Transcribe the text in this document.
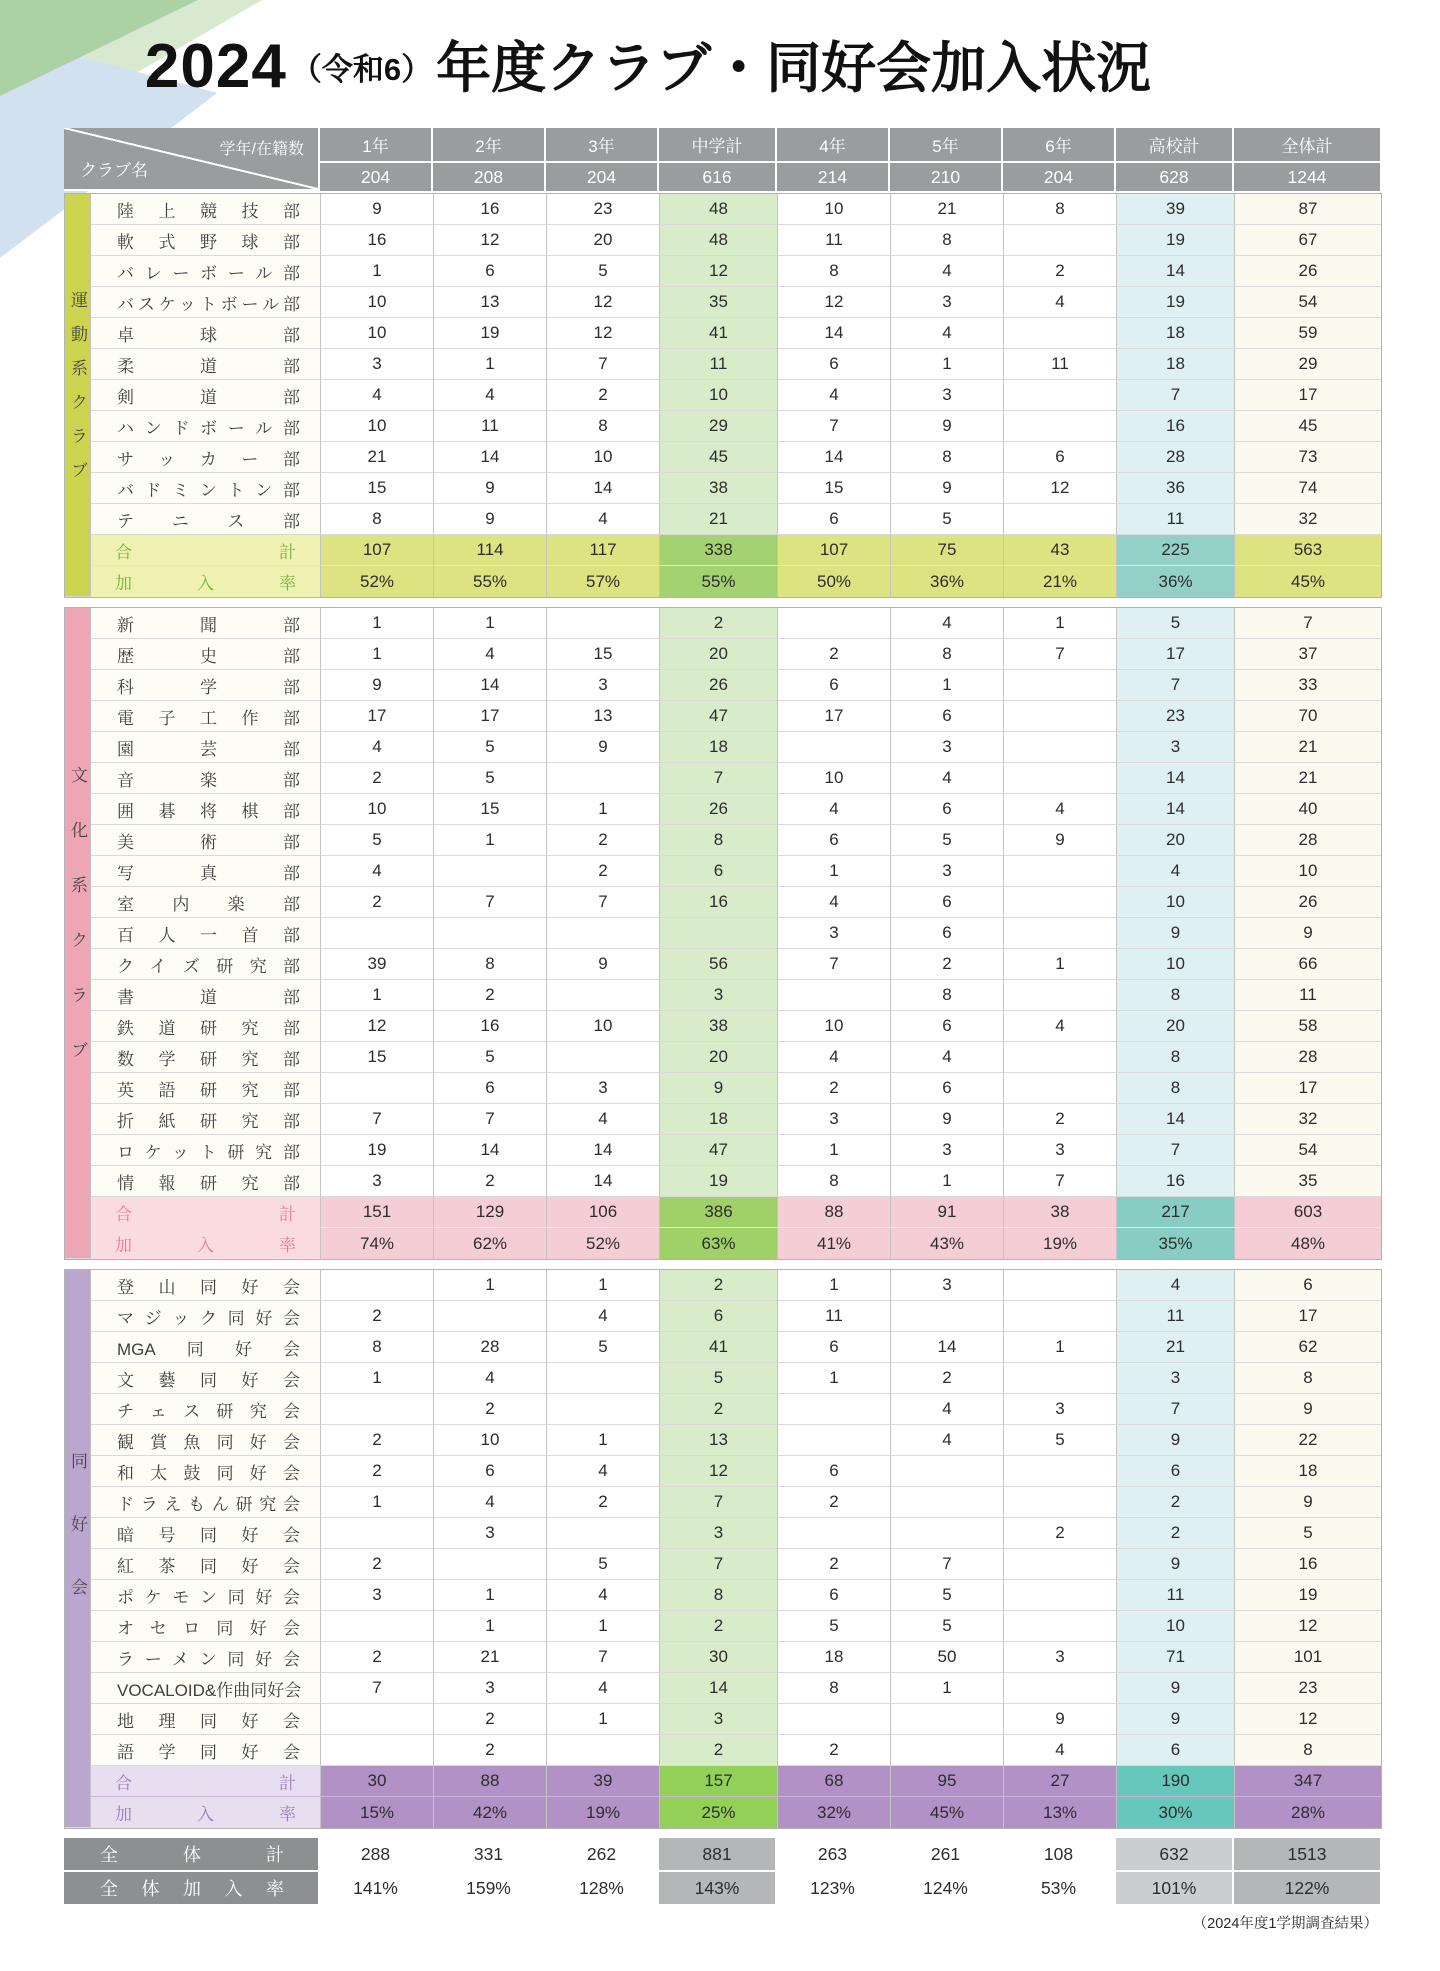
2024 （令和6）年度クラブ・同好会加入状況
学年/在籍数
クラブ名	1年	2年	3年	中学計	4年	5年	6年	高校計	全体計
	204	208	204	616	214	210	204	628	1244
運動系クラブ	陸上競技部	9	16	23	48	10	21	8	39	87
	軟式野球部	16	12	20	48	11	8		19	67
	バレーボール部	1	6	5	12	8	4	2	14	26
	バスケットボール部	10	13	12	35	12	3	4	19	54
	卓球部	10	19	12	41	14	4		18	59
	柔道部	3	1	7	11	6	1	11	18	29
	剣道部	4	4	2	10	4	3		7	17
	ハンドボール部	10	11	8	29	7	9		16	45
	サッカー部	21	14	10	45	14	8	6	28	73
	バドミントン部	15	9	14	38	15	9	12	36	74
	テニス部	8	9	4	21	6	5		11	32
	合計	107	114	117	338	107	75	43	225	563
	加入率	52%	55%	57%	55%	50%	36%	21%	36%	45%
文化系クラブ	新聞部	1	1		2		4	1	5	7
	歴史部	1	4	15	20	2	8	7	17	37
	科学部	9	14	3	26	6	1		7	33
	電子工作部	17	17	13	47	17	6		23	70
	園芸部	4	5	9	18		3		3	21
	音楽部	2	5		7	10	4		14	21
	囲碁将棋部	10	15	1	26	4	6	4	14	40
	美術部	5	1	2	8	6	5	9	20	28
	写真部	4		2	6	1	3		4	10
	室内楽部	2	7	7	16	4	6		10	26
	百人一首部					3	6		9	9
	クイズ研究部	39	8	9	56	7	2	1	10	66
	書道部	1	2		3		8		8	11
	鉄道研究部	12	16	10	38	10	6	4	20	58
	数学研究部	15	5		20	4	4		8	28
	英語研究部		6	3	9	2	6		8	17
	折紙研究部	7	7	4	18	3	9	2	14	32
	ロケット研究部	19	14	14	47	1	3	3	7	54
	情報研究部	3	2	14	19	8	1	7	16	35
	合計	151	129	106	386	88	91	38	217	603
	加入率	74%	62%	52%	63%	41%	43%	19%	35%	48%
同好会	登山同好会		1	1	2	1	3		4	6
	マジック同好会	2		4	6	11			11	17
	MGA同好会	8	28	5	41	6	14	1	21	62
	文藝同好会	1	4		5	1	2		3	8
	チェス研究会		2		2		4	3	7	9
	観賞魚同好会	2	10	1	13		4	5	9	22
	和太鼓同好会	2	6	4	12	6			6	18
	ドラえもん研究会	1	4	2	7	2			2	9
	暗号同好会		3		3			2	2	5
	紅茶同好会	2		5	7	2	7		9	16
	ポケモン同好会	3	1	4	8	6	5		11	19
	オセロ同好会		1	1	2	5	5		10	12
	ラーメン同好会	2	21	7	30	18	50	3	71	101
	VOCALOID&作曲同好会	7	3	4	14	8	1		9	23
	地理同好会		2	1	3			9	9	12
	語学同好会		2		2	2		4	6	8
	合計	30	88	39	157	68	95	27	190	347
	加入率	15%	42%	19%	25%	32%	45%	13%	30%	28%
全体計	288	331	262	881	263	261	108	632	1513
全体加入率	141%	159%	128%	143%	123%	124%	53%	101%	122%
（2024年度1学期調査結果）
